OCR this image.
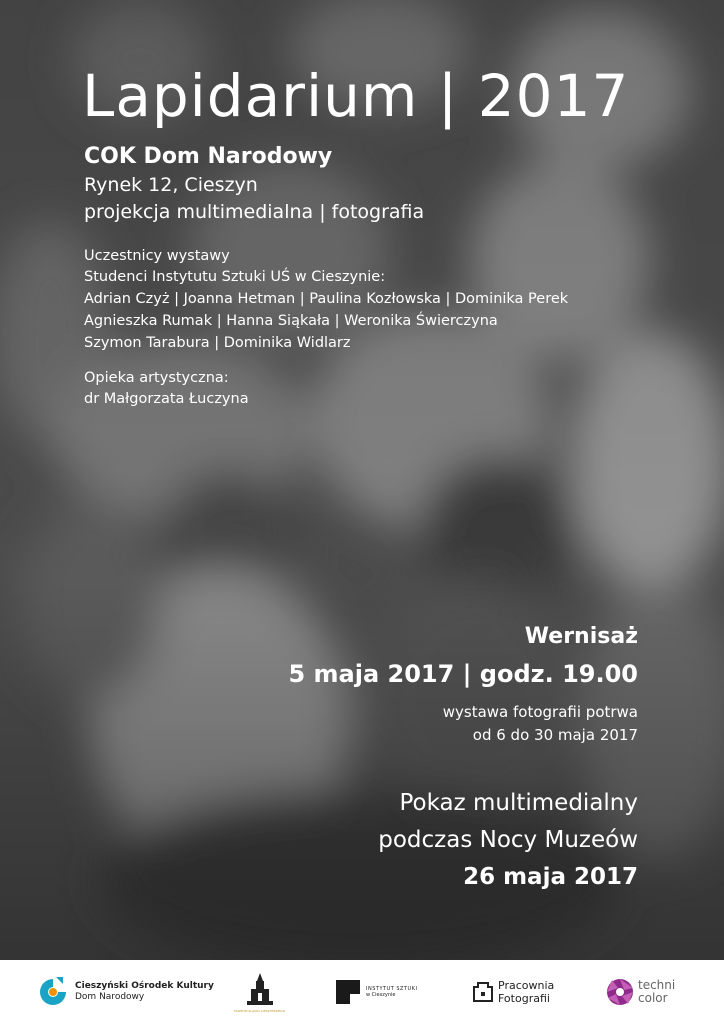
Lapidarium | 2017
COK Dom Narodowy
Rynek 12, Cieszyn
projekcja multimedialna | fotografia
Uczestnicy wystawy
Studenci Instytutu Sztuki UŚ w Cieszynie:
Adrian Czyż | Joanna Hetman | Paulina Kozłowska | Dominika Perek
Agnieszka Rumak | Hanna Siąkała | Weronika Świerczyna
Szymon Tarabura | Dominika Widlarz
Opieka artystyczna:
dr Małgorzata Łuczyna
Wernisaż
5 maja 2017 | godz. 19.00
wystawa fotografii potrwa
od 6 do 30 maja 2017
Pokaz multimedialny
podczas Nocy Muzeów
26 maja 2017
Cieszyński Ośrodek Kultury
Dom Narodowy
MUZEUM ŚLĄSKA CIESZYŃSKIEGO
INSTYTUT SZTUKI
w Cieszynie
Pracownia
Fotografii
techni
color
